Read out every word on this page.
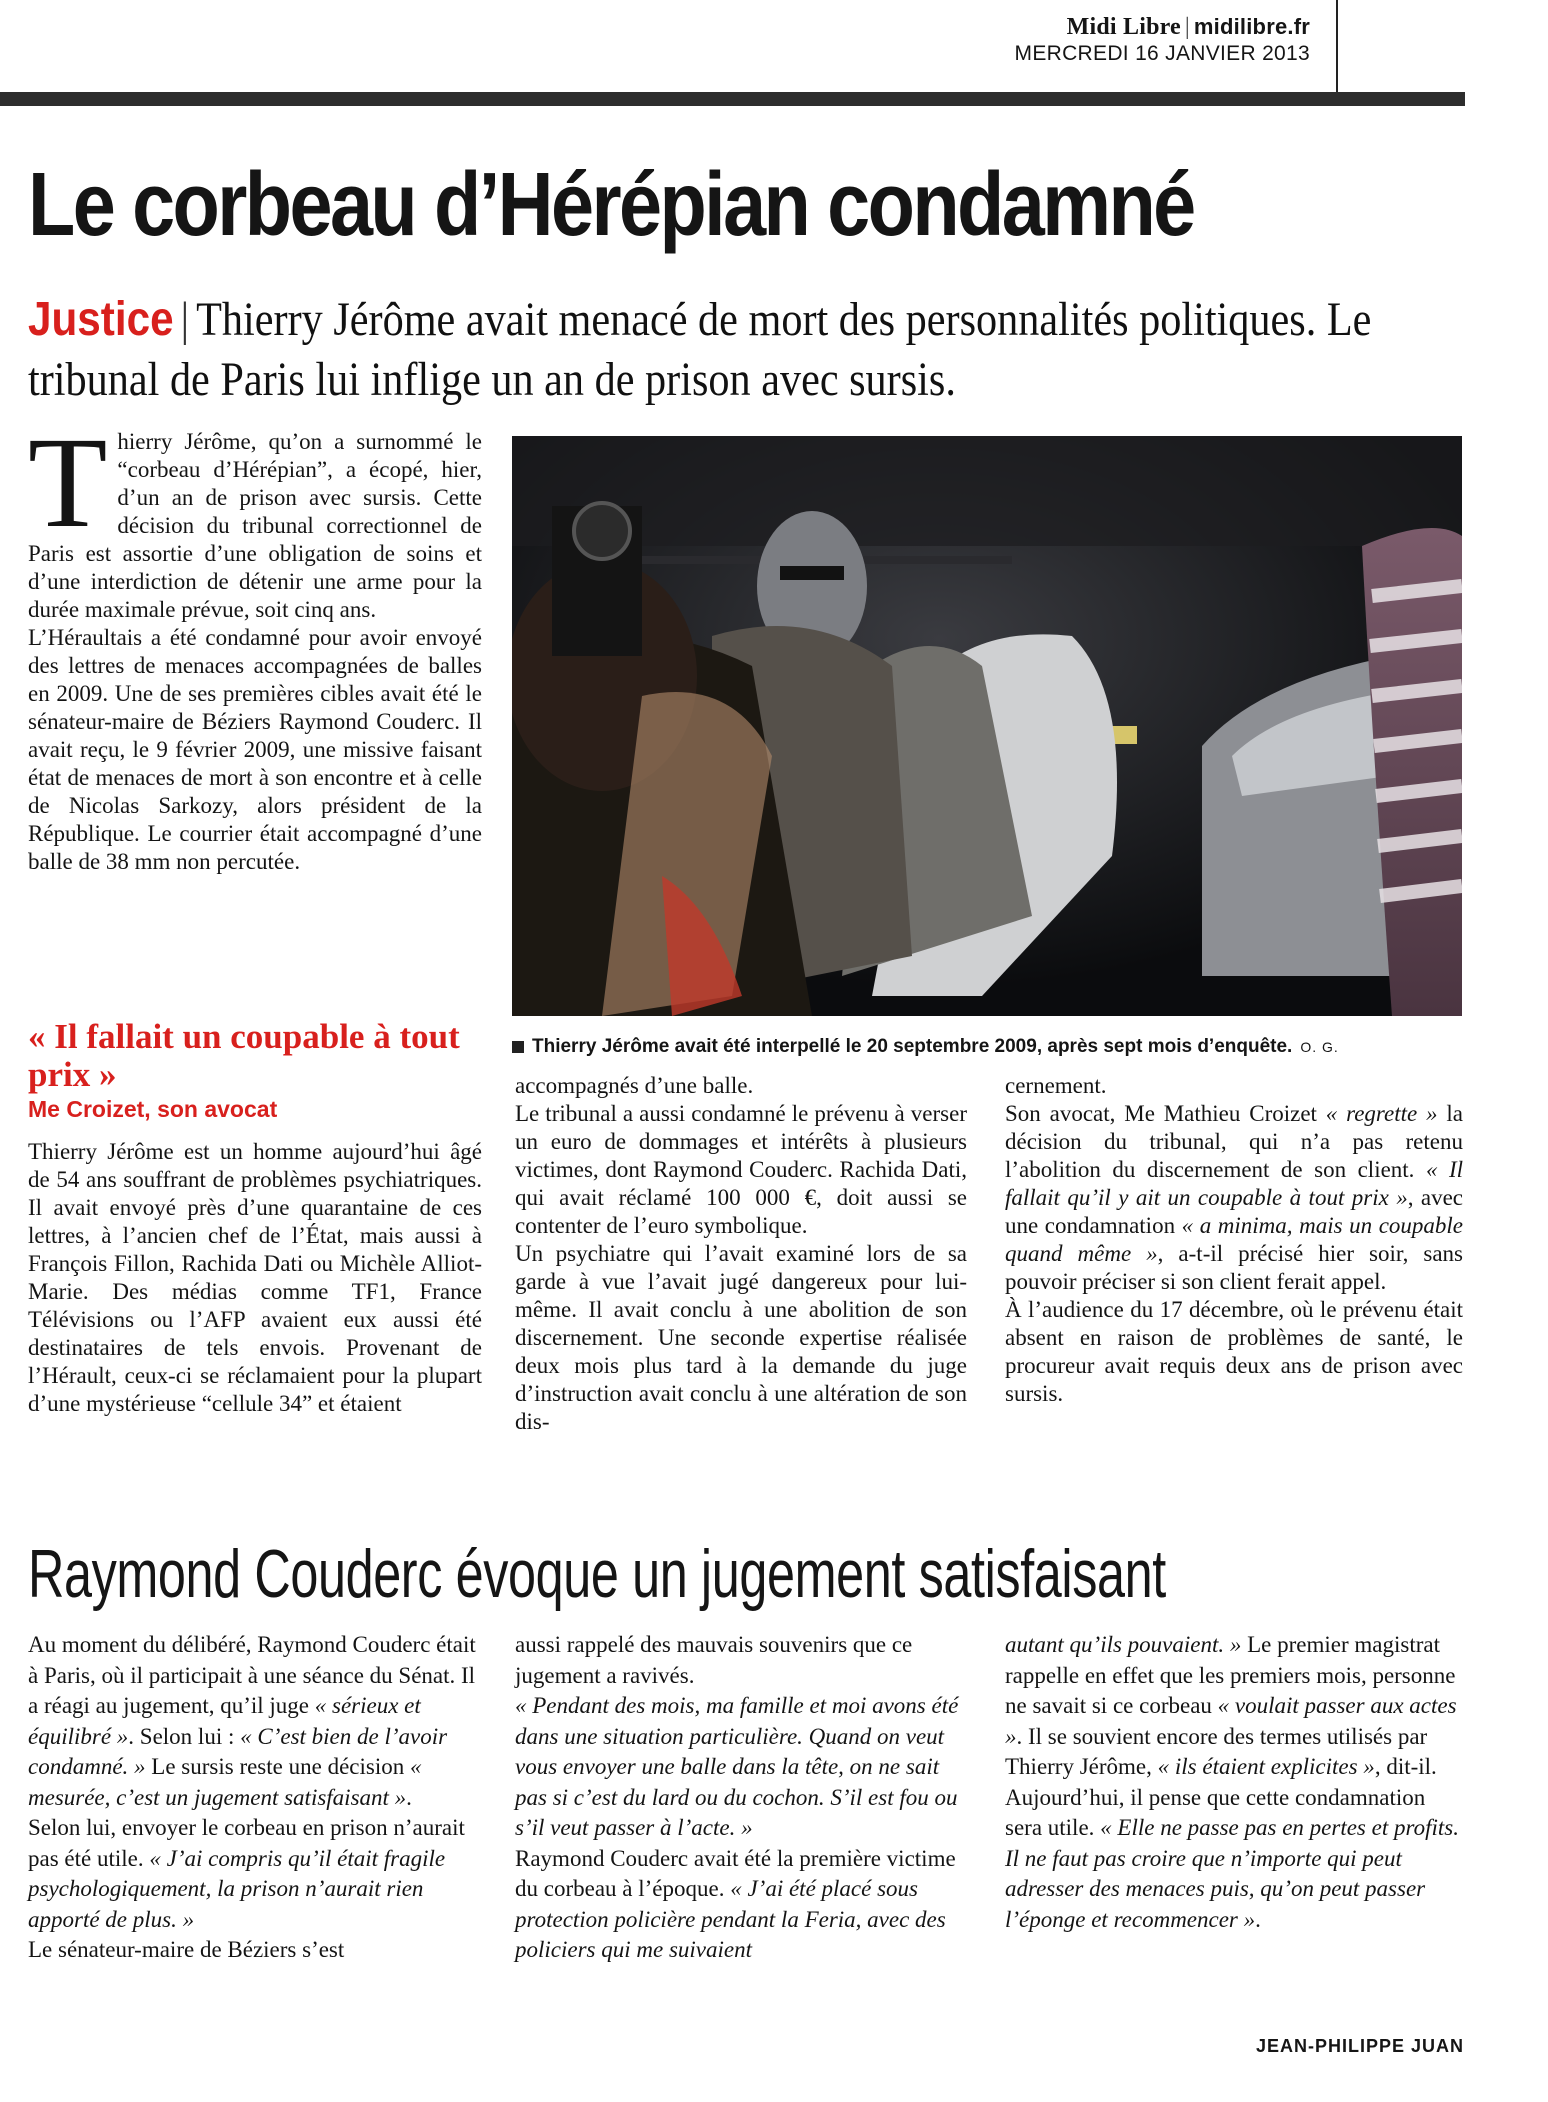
Midi Libre | midilibre.fr
MERCREDI 16 JANVIER 2013
Le corbeau d’Hérépian condamné
Justice | Thierry Jérôme avait menacé de mort des personnalités politiques. Le tribunal de Paris lui inflige un an de prison avec sursis.

Thierry Jérôme, qu’on a surnommé le “corbeau d’Hérépian”, a écopé, hier, d’un an de prison avec sursis. Cette décision du tribunal correctionnel de Paris est assortie d’une obligation de soins et d’une interdiction de détenir une arme pour la durée maximale prévue, soit cinq ans.

L’Héraultais a été condamné pour avoir envoyé des lettres de menaces accompagnées de balles en 2009. Une de ses premières cibles avait été le sénateur-maire de Béziers Raymond Couderc. Il avait reçu, le 9 février 2009, une missive faisant état de menaces de mort à son encontre et à celle de Nicolas Sarkozy, alors président de la République. Le courrier était accompagné d’une balle de 38 mm non percutée.

« Il fallait un coupable à tout prix »
Me Croizet, son avocat

Thierry Jérôme est un homme aujourd’hui âgé de 54 ans souffrant de problèmes psychiatriques. Il avait envoyé près d’une quarantaine de ces lettres, à l’ancien chef de l’État, mais aussi à François Fillon, Rachida Dati ou Michèle Alliot-Marie. Des médias comme TF1, France Télévisions ou l’AFP avaient eux aussi été destinataires de tels envois. Provenant de l’Hérault, ceux-ci se réclamaient pour la plupart d’une mystérieuse “cellule 34” et étaient

Thierry Jérôme avait été interpellé le 20 septembre 2009, après sept mois d’enquête. O. G.

accompagnés d’une balle.

Le tribunal a aussi condamné le prévenu à verser un euro de dommages et intérêts à plusieurs victimes, dont Raymond Couderc. Rachida Dati, qui avait réclamé 100 000 €, doit aussi se contenter de l’euro symbolique.

Un psychiatre qui l’avait examiné lors de sa garde à vue l’avait jugé dangereux pour lui-même. Il avait conclu à une abolition de son discernement. Une seconde expertise réalisée deux mois plus tard à la demande du juge d’instruction avait conclu à une altération de son dis-

cernement.

Son avocat, Me Mathieu Croizet « regrette » la décision du tribunal, qui n’a pas retenu l’abolition du discernement de son client. « Il fallait qu’il y ait un coupable à tout prix », avec une condamnation « a minima, mais un coupable quand même », a-t-il précisé hier soir, sans pouvoir préciser si son client ferait appel.

À l’audience du 17 décembre, où le prévenu était absent en raison de problèmes de santé, le procureur avait requis deux ans de prison avec sursis.

Raymond Couderc évoque un jugement satisfaisant

Au moment du délibéré, Raymond Couderc était à Paris, où il participait à une séance du Sénat. Il a réagi au jugement, qu’il juge « sérieux et équilibré ». Selon lui : « C’est bien de l’avoir condamné. » Le sursis reste une décision « mesurée, c’est un jugement satisfaisant ».

Selon lui, envoyer le corbeau en prison n’aurait pas été utile. « J’ai compris qu’il était fragile psychologiquement, la prison n’aurait rien apporté de plus. »

Le sénateur-maire de Béziers s’est

aussi rappelé des mauvais souvenirs que ce jugement a ravivés.

« Pendant des mois, ma famille et moi avons été dans une situation particulière. Quand on veut vous envoyer une balle dans la tête, on ne sait pas si c’est du lard ou du cochon. S’il est fou ou s’il veut passer à l’acte. »

Raymond Couderc avait été la première victime du corbeau à l’époque. « J’ai été placé sous protection policière pendant la Feria, avec des policiers qui me suivaient

autant qu’ils pouvaient. » Le premier magistrat rappelle en effet que les premiers mois, personne ne savait si ce corbeau « voulait passer aux actes ». Il se souvient encore des termes utilisés par Thierry Jérôme, « ils étaient explicites », dit-il.

Aujourd’hui, il pense que cette condamnation sera utile. « Elle ne passe pas en pertes et profits. Il ne faut pas croire que n’importe qui peut adresser des menaces puis, qu’on peut passer l’éponge et recommencer ».

JEAN-PHILIPPE JUAN
